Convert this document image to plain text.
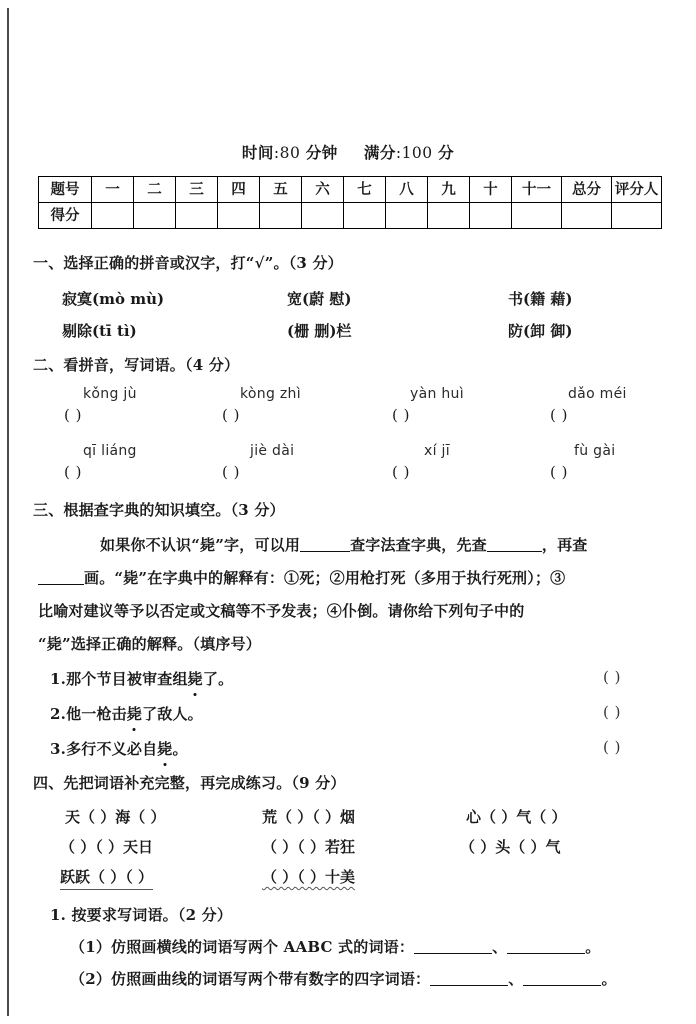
时间:80 分钟 满分:100 分
题号	一	二	三	四	五	六	七	八	九	十	十一	总分	评分人
得分													
一、选择正确的拼音或汉字，打“√”。（3 分）
寂寞(mò mù)	宽(蔚 慰)	书(籍 藉)
剔除(tī tì)	(栅 删)栏	防(卸 御)
二、看拼音，写词语。（4 分）
kǒng jù	kòng zhì	yàn huì	dǎo méi
( )	( )	( )	( )
qī liáng	jiè dài	xí jī	fù gài
( )	( )	( )	( )
三、根据查字典的知识填空。（3 分）
如果你不认识“毙”字，可以用	查字法查字典，先查	，再查
画。“毙”在字典中的解释有：①死；②用枪打死（多用于执行死刑）；③
比喻对建议等予以否定或文稿等不予发表；④仆倒。请你给下列句子中的
“毙”选择正确的解释。（填序号）
1.那个节目被审查组毙了。	( )
2.他一枪击毙了敌人。	( )
3.多行不义必自毙。	( )
四、先把词语补充完整，再完成练习。（9 分）
天（ ）海（ ）	荒（ ）（ ）烟	心（ ）气（ ）
（ ）（ ）天日	（ ）（ ）若狂	（ ）头（ ）气
跃跃（ ）（ ）	（ ）（ ）十美
1. 按要求写词语。（2 分）
（1）仿照画横线的词语写两个 AABC 式的词语：	、	。
（2）仿照画曲线的词语写两个带有数字的四字词语：	、	。
